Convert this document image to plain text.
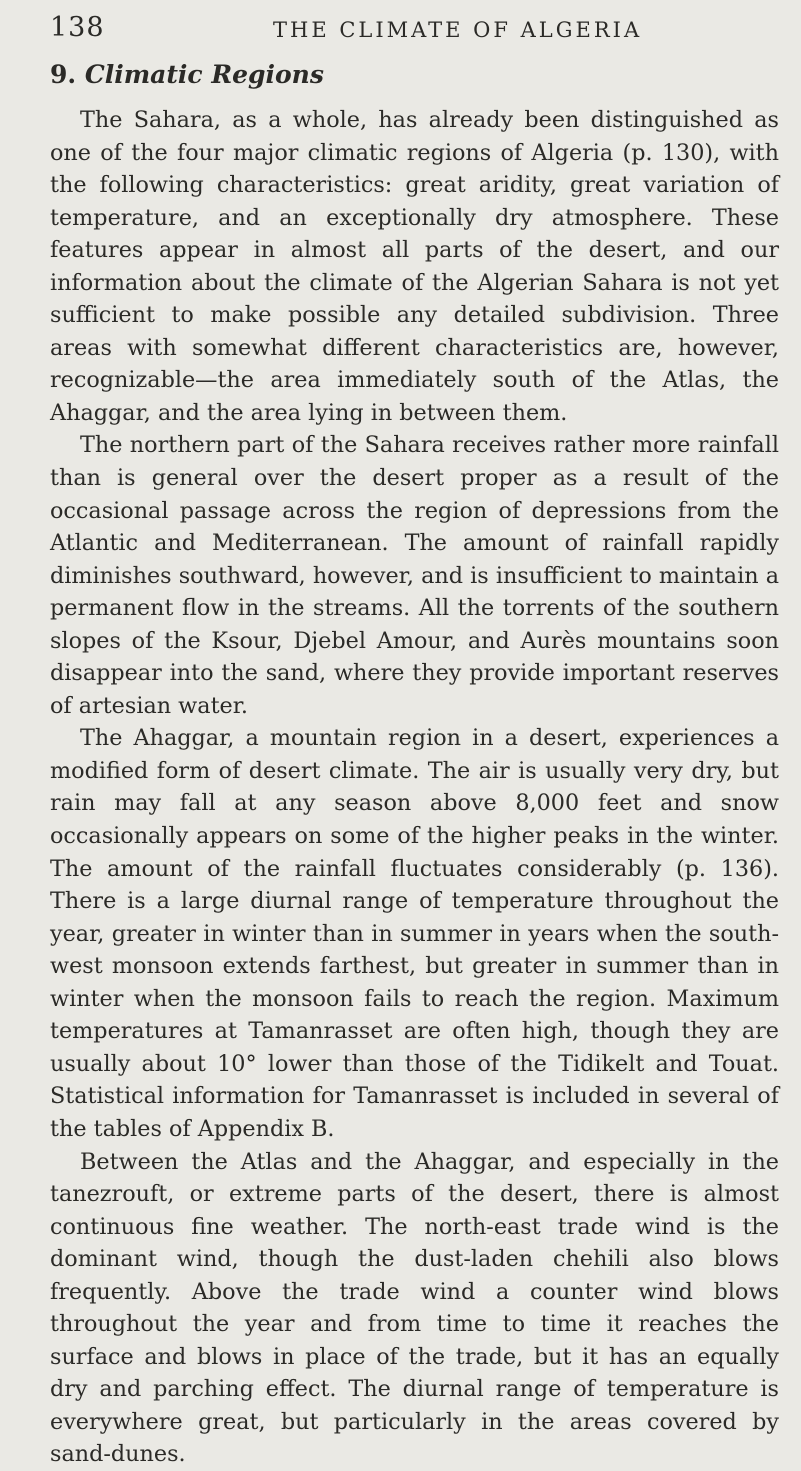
138	THE CLIMATE OF ALGERIA
9. Climatic Regions

The Sahara, as a whole, has already been distinguished as one of the four major climatic regions of Algeria (p. 130), with the following characteristics: great aridity, great variation of temperature, and an exceptionally dry atmosphere. These features appear in almost all parts of the desert, and our information about the climate of the Algerian Sahara is not yet sufficient to make possible any detailed subdivision. Three areas with somewhat different characteristics are, however, recognizable—the area immediately south of the Atlas, the Ahaggar, and the area lying in between them.

The northern part of the Sahara receives rather more rainfall than is general over the desert proper as a result of the occasional passage across the region of depressions from the Atlantic and Mediterranean. The amount of rainfall rapidly diminishes southward, however, and is insufficient to maintain a permanent flow in the streams. All the torrents of the southern slopes of the Ksour, Djebel Amour, and Aurès mountains soon disappear into the sand, where they provide important reserves of artesian water.

The Ahaggar, a mountain region in a desert, experiences a modified form of desert climate. The air is usually very dry, but rain may fall at any season above 8,000 feet and snow occasionally appears on some of the higher peaks in the winter. The amount of the rainfall fluctuates considerably (p. 136). There is a large diurnal range of temperature throughout the year, greater in winter than in summer in years when the south-west monsoon extends farthest, but greater in summer than in winter when the monsoon fails to reach the region. Maximum temperatures at Tamanrasset are often high, though they are usually about 10° lower than those of the Tidikelt and Touat. Statistical information for Tamanrasset is included in several of the tables of Appendix B.

Between the Atlas and the Ahaggar, and especially in the tanezrouft, or extreme parts of the desert, there is almost continuous fine weather. The north-east trade wind is the dominant wind, though the dust-laden chehili also blows frequently. Above the trade wind a counter wind blows throughout the year and from time to time it reaches the surface and blows in place of the trade, but it has an equally dry and parching effect. The diurnal range of temperature is everywhere great, but particularly in the areas covered by sand-dunes.
